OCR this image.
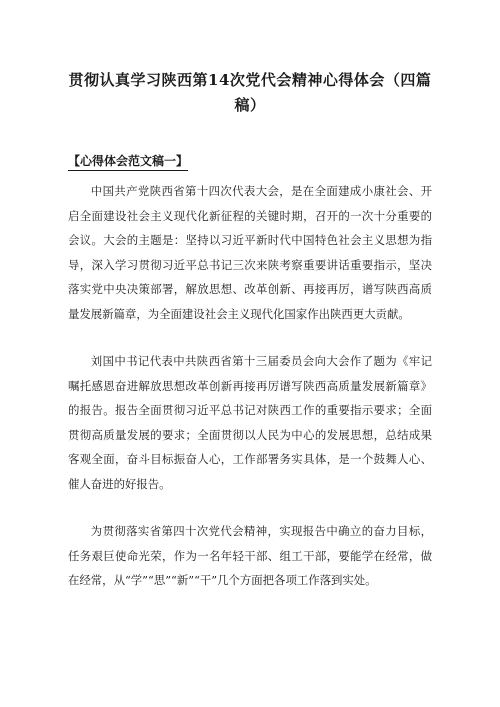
贯彻认真学习陕西第14次党代会精神心得体会（四篇稿）
【心得体会范文稿一】

中国共产党陕西省第十四次代表大会，是在全面建成小康社会、开启全面建设社会主义现代化新征程的关键时期，召开的一次十分重要的会议。大会的主题是：坚持以习近平新时代中国特色社会主义思想为指导，深入学习贯彻习近平总书记三次来陕考察重要讲话重要指示，坚决落实党中央决策部署，解放思想、改革创新、再接再厉，谱写陕西高质量发展新篇章，为全面建设社会主义现代化国家作出陕西更大贡献。

刘国中书记代表中共陕西省第十三届委员会向大会作了题为《牢记嘱托感恩奋进解放思想改革创新再接再厉谱写陕西高质量发展新篇章》的报告。报告全面贯彻习近平总书记对陕西工作的重要指示要求；全面贯彻高质量发展的要求；全面贯彻以人民为中心的发展思想，总结成果客观全面，奋斗目标振奋人心，工作部署务实具体，是一个鼓舞人心、催人奋进的好报告。

为贯彻落实省第四十次党代会精神，实现报告中确立的奋力目标，任务艰巨使命光荣，作为一名年轻干部、组工干部，要能学在经常，做在经常，从“学”“思”“新”“干”几个方面把各项工作落到实处。
